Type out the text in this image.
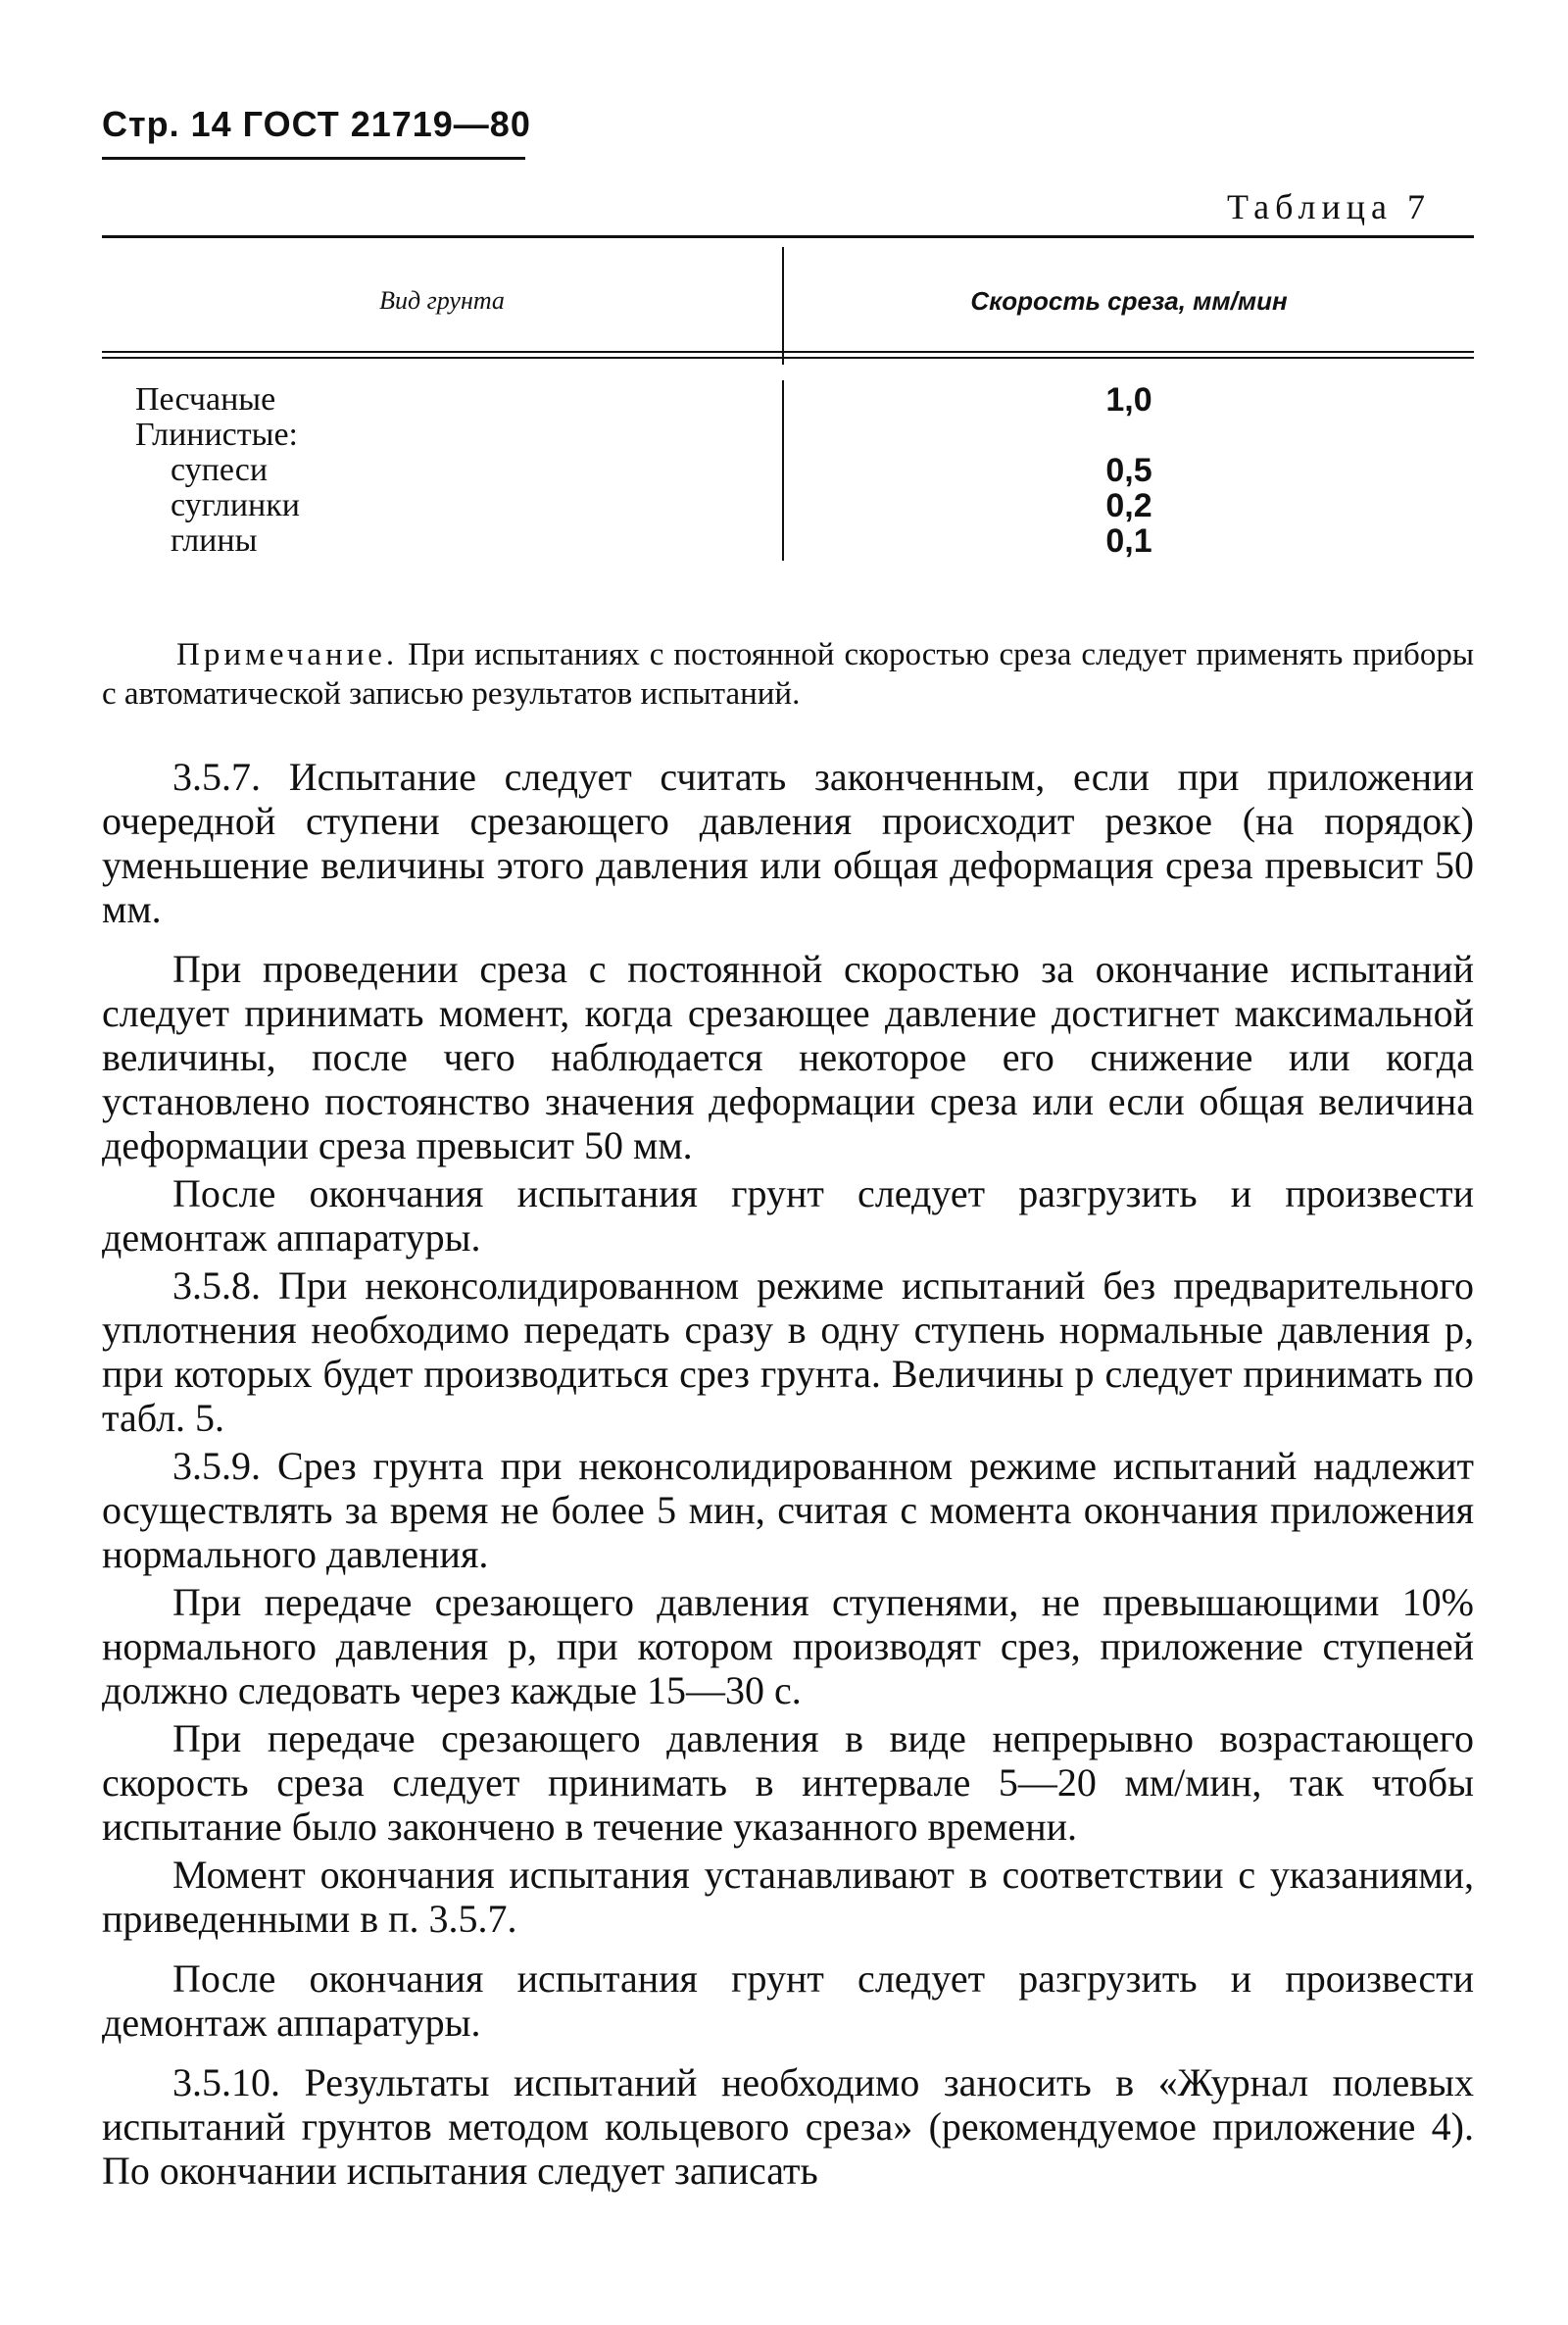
Стр. 14 ГОСТ 21719—80
Таблица 7
Вид грунта	Скорость среза, мм/мин
Песчаные
Глинистые:
супеси
суглинки
глины
1,0

0,5
0,2
0,1
Примечание. При испытаниях с постоянной скоростью среза следует применять приборы с автоматической записью результатов испытаний.

3.5.7. Испытание следует считать законченным, если при приложении очередной ступени срезающего давления происходит резкое (на порядок) уменьшение величины этого давления или общая деформация среза превысит 50 мм.

При проведении среза с постоянной скоростью за окончание испытаний следует принимать момент, когда срезающее давление достигнет максимальной величины, после чего наблюдается некоторое его снижение или когда установлено постоянство значения деформации среза или если общая величина деформации среза превысит 50 мм.

После окончания испытания грунт следует разгрузить и произвести демонтаж аппаратуры.

3.5.8. При неконсолидированном режиме испытаний без предварительного уплотнения необходимо передать сразу в одну ступень нормальные давления p, при которых будет производиться срез грунта. Величины p следует принимать по табл. 5.

3.5.9. Срез грунта при неконсолидированном режиме испытаний надлежит осуществлять за время не более 5 мин, считая с момента окончания приложения нормального давления.

При передаче срезающего давления ступенями, не превышающими 10% нормального давления p, при котором производят срез, приложение ступеней должно следовать через каждые 15—30 с.

При передаче срезающего давления в виде непрерывно возрастающего скорость среза следует принимать в интервале 5—20 мм/мин, так чтобы испытание было закончено в течение указанного времени.

Момент окончания испытания устанавливают в соответствии с указаниями, приведенными в п. 3.5.7.

После окончания испытания грунт следует разгрузить и произвести демонтаж аппаратуры.

3.5.10. Результаты испытаний необходимо заносить в «Журнал полевых испытаний грунтов методом кольцевого среза» (рекомендуемое приложение 4). По окончании испытания следует записать
